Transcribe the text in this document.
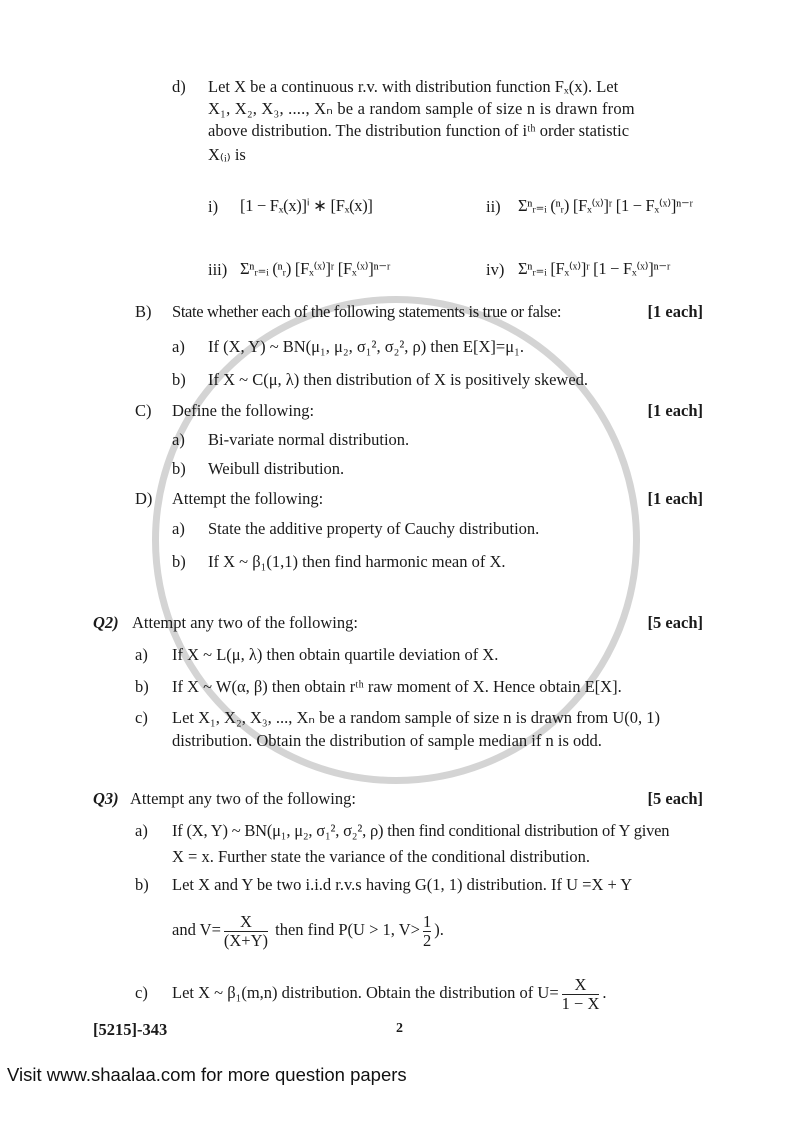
d) Let X be a continuous r.v. with distribution function Fₓ(x). Let
X₁, X₂, X₃, ...., Xₙ be a random sample of size n is drawn from
above distribution. The distribution function of iᵗʰ order statistic
X₍ᵢ₎ is
i) [1 − Fₓ(x)]ⁱ ∗ [Fₓ(x)]	ii) Σⁿᵣ₌ᵢ (ⁿᵣ) [Fₓ⁽ˣ⁾]ʳ [1 − Fₓ⁽ˣ⁾]ⁿ⁻ʳ
iii) Σⁿᵣ₌ᵢ (ⁿᵣ) [Fₓ⁽ˣ⁾]ʳ [Fₓ⁽ˣ⁾]ⁿ⁻ʳ	iv) Σⁿᵣ₌ᵢ [Fₓ⁽ˣ⁾]ʳ [1 − Fₓ⁽ˣ⁾]ⁿ⁻ʳ
B) State whether each of the following statements is true or false:	[1 each]
a) If (X, Y) ~ BN(μ₁, μ₂, σ₁², σ₂², ρ) then E[X]=μ₁.
b) If X ~ C(μ, λ) then distribution of X is positively skewed.
C) Define the following:	[1 each]
a) Bi-variate normal distribution.
b) Weibull distribution.
D) Attempt the following:	[1 each]
a) State the additive property of Cauchy distribution.
b) If X ~ β₁(1,1) then find harmonic mean of X.
Q2) Attempt any two of the following:	[5 each]
a) If X ~ L(μ, λ) then obtain quartile deviation of X.
b) If X ~ W(α, β) then obtain rᵗʰ raw moment of X. Hence obtain E[X].
c) Let X₁, X₂, X₃, ..., Xₙ be a random sample of size n is drawn from U(0, 1)
distribution. Obtain the distribution of sample median if n is odd.
Q3) Attempt any two of the following:	[5 each]
a) If (X, Y) ~ BN(μ₁, μ₂, σ₁², σ₂², ρ) then find conditional distribution of Y given
X = x. Further state the variance of the conditional distribution.
b) Let X and Y be two i.i.d r.v.s having G(1, 1) distribution. If U =X + Y
and $V= \frac{X}{(X+Y)}$ then find P(U > 1, $V> \frac{1}{2}$ ).
c) Let X ~ β₁(m,n) distribution. Obtain the distribution of $U= \frac{X}{1 - X}$ .
[5215]-343	2
Visit www.shaalaa.com for more question papers
